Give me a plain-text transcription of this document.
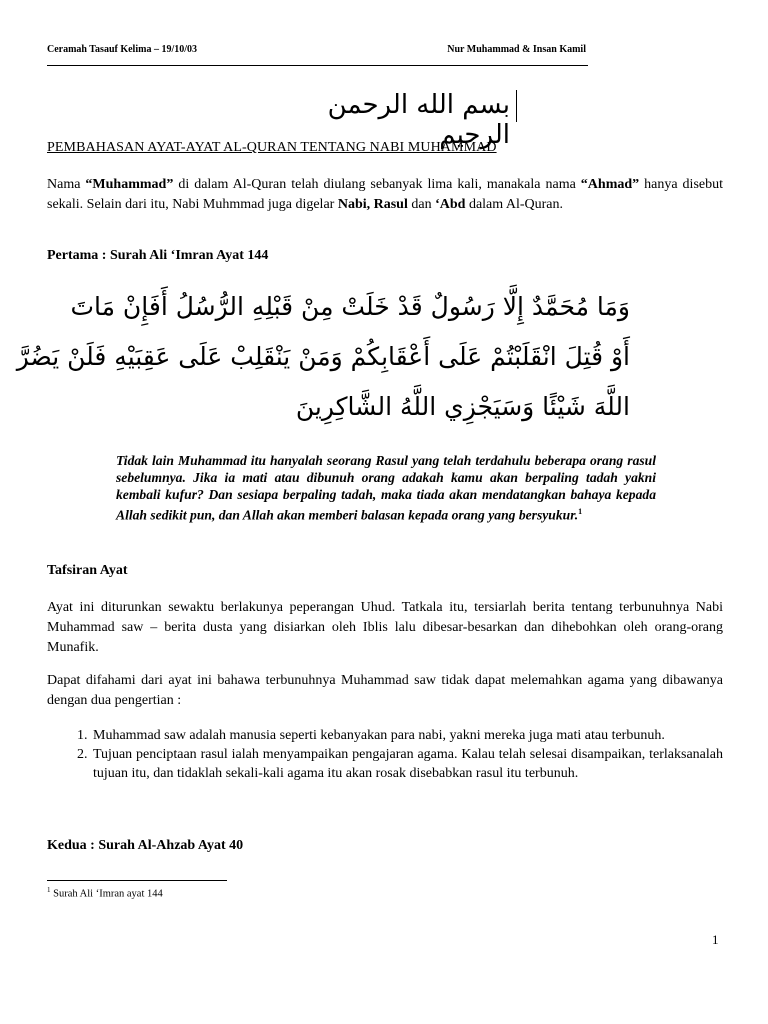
Ceramah Tasauf Kelima – 19/10/03	Nur Muhammad & Insan Kamil
بسم الله الرحمن الرحيم
PEMBAHASAN AYAT-AYAT AL-QURAN TENTANG NABI MUHAMMAD
Nama “Muhammad” di dalam Al-Quran telah diulang sebanyak lima kali, manakala nama “Ahmad” hanya disebut sekali. Selain dari itu, Nabi Muhmmad juga digelar Nabi, Rasul dan ‘Abd dalam Al-Quran.
Pertama : Surah Ali ‘Imran Ayat 144
وَمَا مُحَمَّدٌ إِلَّا رَسُولٌ قَدْ خَلَتْ مِنْ قَبْلِهِ الرُّسُلُ أَفَإِنْ مَاتَ
أَوْ قُتِلَ انْقَلَبْتُمْ عَلَى أَعْقَابِكُمْ وَمَنْ يَنْقَلِبْ عَلَى عَقِبَيْهِ فَلَنْ يَضُرَّ
اللَّهَ شَيْئًا وَسَيَجْزِي اللَّهُ الشَّاكِرِينَ
Tidak lain Muhammad itu hanyalah seorang Rasul yang telah terdahulu beberapa orang rasul sebelumnya. Jika ia mati atau dibunuh orang adakah kamu akan berpaling tadah yakni kembali kufur? Dan sesiapa berpaling tadah, maka tiada akan mendatangkan bahaya kepada Allah sedikit pun, dan Allah akan memberi balasan kepada orang yang bersyukur.$^1$
Tafsiran Ayat
Ayat ini diturunkan sewaktu berlakunya peperangan Uhud. Tatkala itu, tersiarlah berita tentang terbunuhnya Nabi Muhammad saw – berita dusta yang disiarkan oleh Iblis lalu dibesar-besarkan dan dihebohkan oleh orang-orang Munafik.
Dapat difahami dari ayat ini bahawa terbunuhnya Muhammad saw tidak dapat melemahkan agama yang dibawanya dengan dua pengertian :
1. Muhammad saw adalah manusia seperti kebanyakan para nabi, yakni mereka juga mati atau terbunuh.
2. Tujuan penciptaan rasul ialah menyampaikan pengajaran agama. Kalau telah selesai disampaikan, terlaksanalah tujuan itu, dan tidaklah sekali-kali agama itu akan rosak disebabkan rasul itu terbunuh.
Kedua : Surah Al-Ahzab Ayat 40
$^1$ Surah Ali ‘Imran ayat 144
1
